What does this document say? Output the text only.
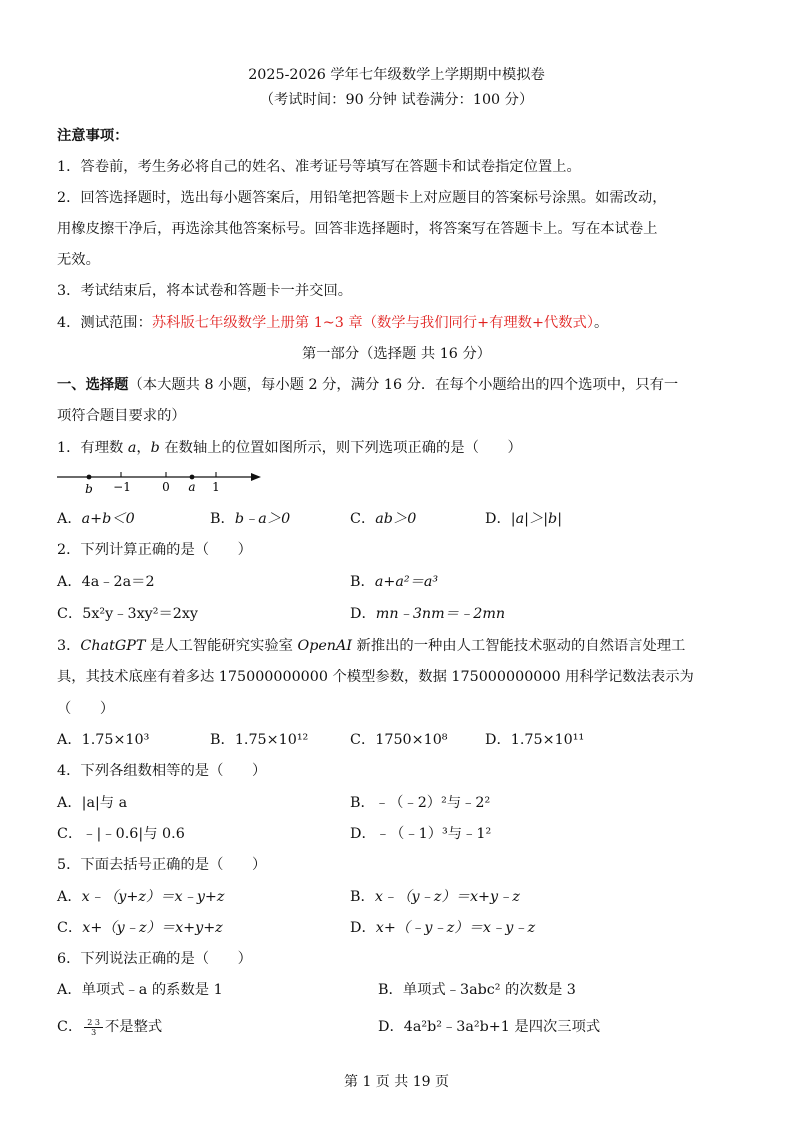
2025-2026 学年七年级数学上学期期中模拟卷
（考试时间：90 分钟 试卷满分：100 分）
注意事项：
1．答卷前，考生务必将自己的姓名、准考证号等填写在答题卡和试卷指定位置上。
2．回答选择题时，选出每小题答案后，用铅笔把答题卡上对应题目的答案标号涂黑。如需改动，
用橡皮擦干净后，再选涂其他答案标号。回答非选择题时，将答案写在答题卡上。写在本试卷上
无效。
3．考试结束后，将本试卷和答题卡一并交回。
4．测试范围：苏科版七年级数学上册第 1~3 章（数学与我们同行+有理数+代数式）。
第一部分（选择题 共 16 分）
一、选择题（本大题共 8 小题，每小题 2 分，满分 16 分．在每个小题给出的四个选项中，只有一
项符合题目要求的）
1．有理数 a，b 在数轴上的位置如图所示，则下列选项正确的是（　　）
b −1	0 a 1
A．a+b＜0	B．b﹣a＞0	C．ab＞0	D．|a|＞|b|
2．下列计算正确的是（　　）
A．4a﹣2a＝2	B．a+a²＝a³
C．5x²y﹣3xy²＝2xy	D．mn﹣3nm＝﹣2mn
3．ChatGPT 是人工智能研究实验室 OpenAI 新推出的一种由人工智能技术驱动的自然语言处理工
具，其技术底座有着多达 175000000000 个模型参数，数据 175000000000 用科学记数法表示为
（　　）
A．1.75×10³	B．1.75×10¹²	C．1750×10⁸	D．1.75×10¹¹
4．下列各组数相等的是（　　）
A．|a|与 a	B．﹣（﹣2）²与﹣2²
C．﹣|﹣0.6|与 0.6	D．﹣（﹣1）³与﹣1²
5．下面去括号正确的是（　　）
A．x﹣（y+z）＝x﹣y+z	B．x﹣（y﹣z）＝x+y﹣z
C．x+（y﹣z）＝x+y+z	D．x+（﹣y﹣z）＝x﹣y﹣z
6．下列说法正确的是（　　）
A．单项式﹣a 的系数是 1	B．单项式﹣3abc² 的次数是 3
C． $\frac{2 3}{3}$ 不是整式	D．4a²b²﹣3a²b+1 是四次三项式
第 1 页 共 19 页
